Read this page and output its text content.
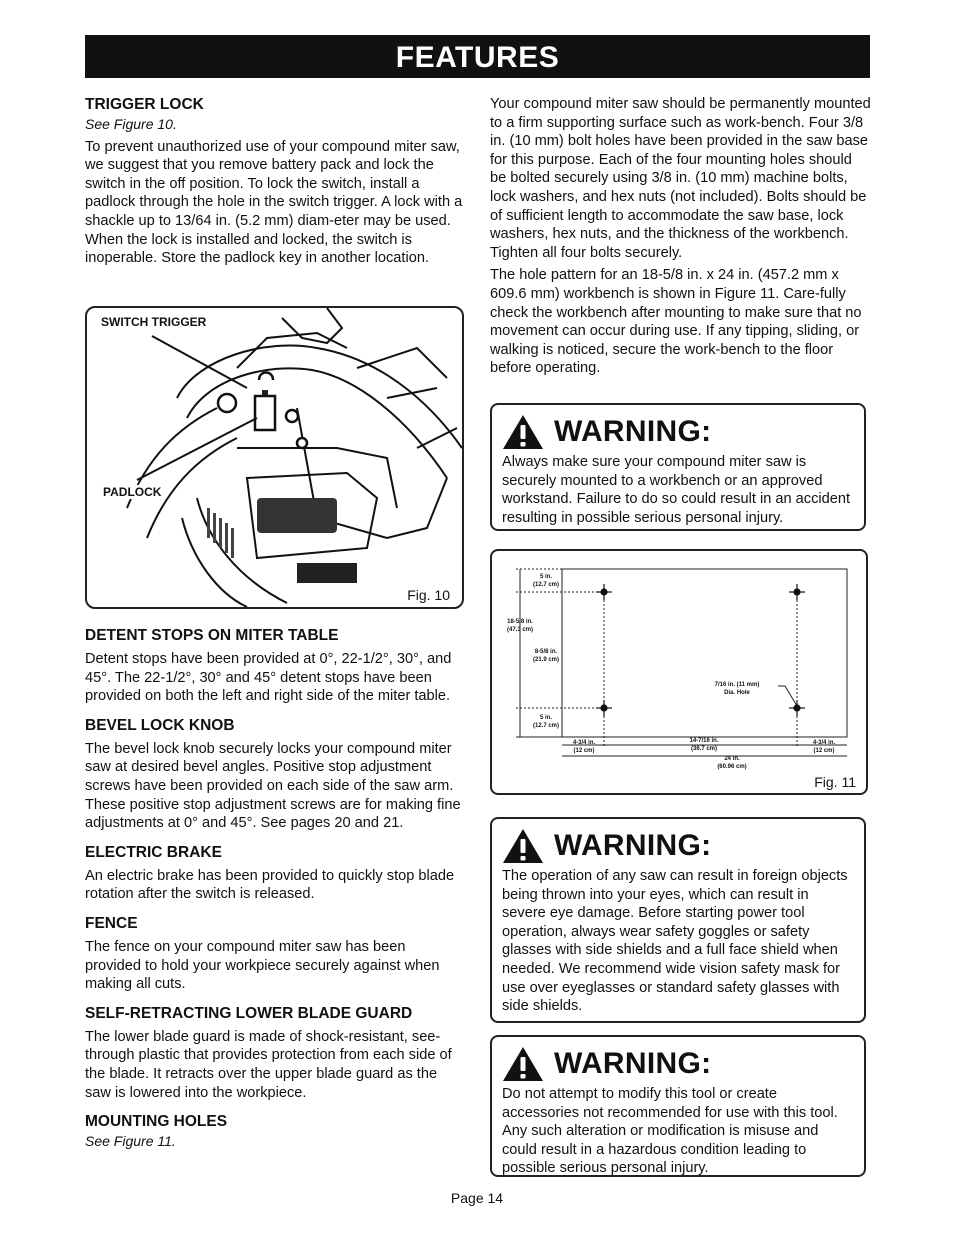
FEATURES
TRIGGER LOCK

See Figure 10.

To prevent unauthorized use of your compound miter saw, we suggest that you remove battery pack and lock the switch in the off position. To lock the switch, install a padlock through the hole in the switch trigger. A lock with a shackle up to 13/64 in. (5.2 mm) diam-eter may be used. When the lock is installed and locked, the switch is inoperable. Store the padlock key in another location.

SWITCH TRIGGER
PADLOCK
Fig. 10
DETENT STOPS ON MITER TABLE

Detent stops have been provided at 0°, 22-1/2°, 30°, and 45°. The 22-1/2°, 30° and 45° detent stops have been provided on both the left and right side of the miter table.

BEVEL LOCK KNOB

The bevel lock knob securely locks your compound miter saw at desired bevel angles. Positive stop adjustment screws have been provided on each side of the saw arm. These positive stop adjustment screws are for making fine adjustments at 0° and 45°. See pages 20 and 21.

ELECTRIC BRAKE

An electric brake has been provided to quickly stop blade rotation after the switch is released.

FENCE

The fence on your compound miter saw has been provided to hold your workpiece securely against when making all cuts.

SELF-RETRACTING LOWER BLADE GUARD

The lower blade guard is made of shock-resistant, see-through plastic that provides protection from each side of the blade. It retracts over the upper blade guard as the saw is lowered into the workpiece.

MOUNTING HOLES

See Figure 11.

Your compound miter saw should be permanently mounted to a firm supporting surface such as work-bench. Four 3/8 in. (10 mm) bolt holes have been provided in the saw base for this purpose. Each of the four mounting holes should be bolted securely using 3/8 in. (10 mm) machine bolts, lock washers, and hex nuts (not included). Bolts should be of sufficient length to accommodate the saw base, lock washers, hex nuts, and the thickness of the workbench. Tighten all four bolts securely.

The hole pattern for an 18-5/8 in. x 24 in. (457.2 mm x 609.6 mm) workbench is shown in Figure 11. Care-fully check the workbench after mounting to make sure that no movement can occur during use. If any tipping, sliding, or walking is noticed, secure the work-bench to the floor before operating.

WARNING:

Always make sure your compound miter saw is securely mounted to a workbench or an approved workstand. Failure to do so could result in an accident resulting in possible serious personal injury.

5 in.
(12.7 cm)
18-5/8 in.
(47.3 cm)
8-5/8 in.
(21.9 cm)
5 in.
(12.7 cm)
7/16 in. (11 mm)
Dia. Hole
4-3/4 in.
(12 cm)
14-7/16 in.
(36.7 cm)
4-3/4 in.
(12 cm)
24 in.
(60.96 cm)
Fig. 11
WARNING:

The operation of any saw can result in foreign objects being thrown into your eyes, which can result in severe eye damage. Before starting power tool operation, always wear safety goggles or safety glasses with side shields and a full face shield when needed. We recommend wide vision safety mask for use over eyeglasses or standard safety glasses with side shields.

WARNING:

Do not attempt to modify this tool or create accessories not recommended for use with this tool. Any such alteration or modification is misuse and could result in a hazardous condition leading to possible serious personal injury.

Page 14
